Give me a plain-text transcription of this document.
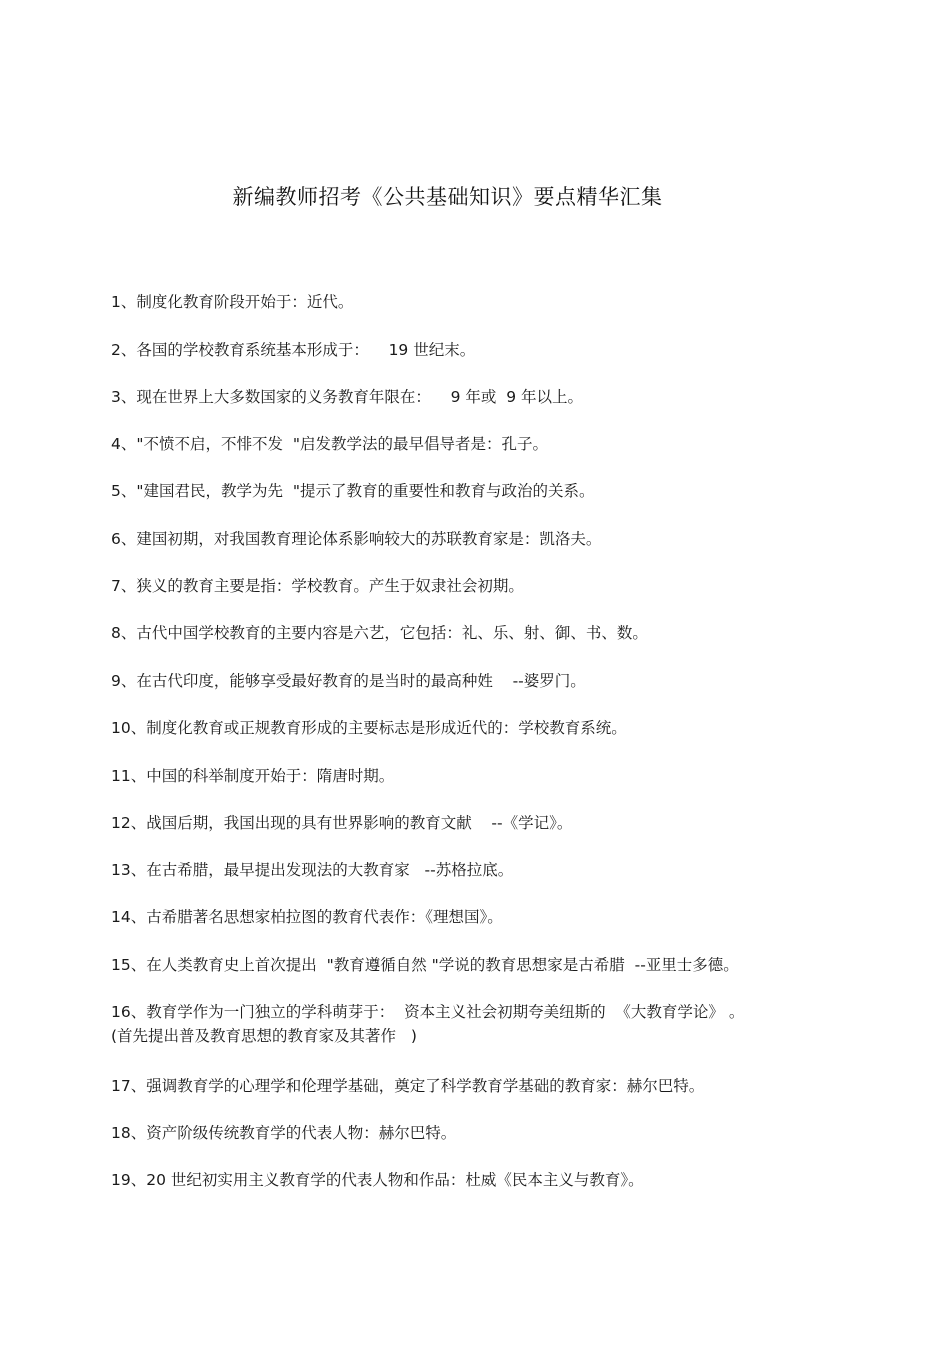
新编教师招考《公共基础知识》要点精华汇集
1、制度化教育阶段开始于：近代。
2、各国的学校教育系统基本形成于：    19 世纪末。
3、现在世界上大多数国家的义务教育年限在：    9 年或  9 年以上。
4、"不愤不启，不悱不发  "启发教学法的最早倡导者是：孔子。
5、"建国君民，教学为先  "提示了教育的重要性和教育与政治的关系。
6、建国初期，对我国教育理论体系影响较大的苏联教育家是：凯洛夫。
7、狭义的教育主要是指：学校教育。产生于奴隶社会初期。
8、古代中国学校教育的主要内容是六艺，它包括：礼、乐、射、御、书、数。
9、在古代印度，能够享受最好教育的是当时的最高种姓    --婆罗门。
10、制度化教育或正规教育形成的主要标志是形成近代的：学校教育系统。
11、中国的科举制度开始于：隋唐时期。
12、战国后期，我国出现的具有世界影响的教育文献    --《学记》。
13、在古希腊，最早提出发现法的大教育家   --苏格拉底。
14、古希腊著名思想家柏拉图的教育代表作：《理想国》。
15、在人类教育史上首次提出  "教育遵循自然 "学说的教育思想家是古希腊  --亚里士多德。
16、教育学作为一门独立的学科萌芽于：  资本主义社会初期夸美纽斯的  《大教育学论》 。
(首先提出普及教育思想的教育家及其著作   )
17、强调教育学的心理学和伦理学基础，奠定了科学教育学基础的教育家：赫尔巴特。
18、资产阶级传统教育学的代表人物：赫尔巴特。
19、20 世纪初实用主义教育学的代表人物和作品：杜威《民本主义与教育》。
